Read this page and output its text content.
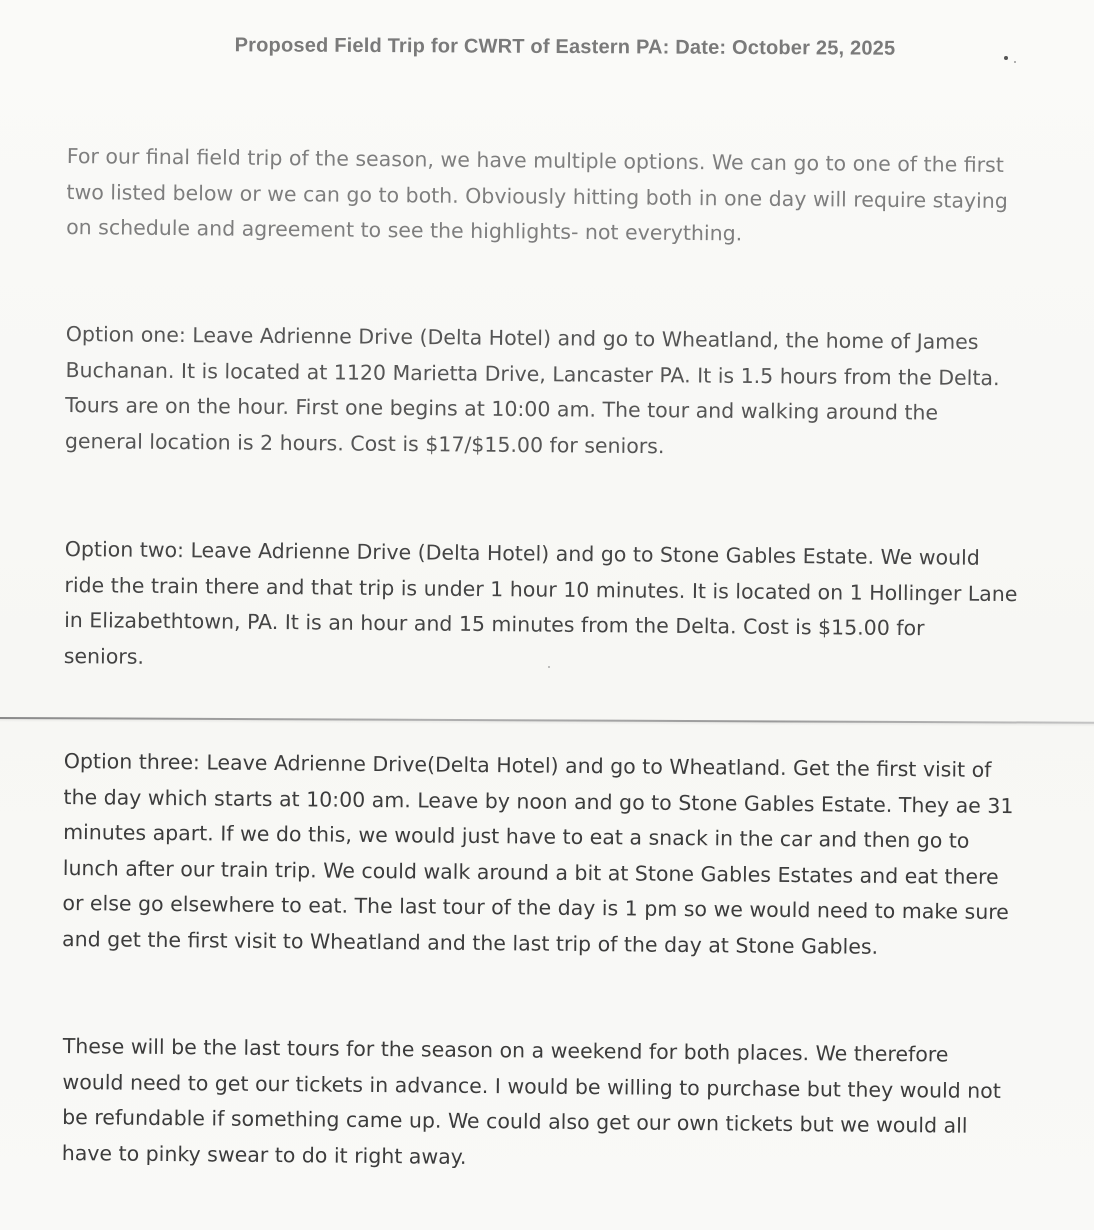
Proposed Field Trip for CWRT of Eastern PA: Date: October 25, 2025
For our final field trip of the season, we have multiple options. We can go to one of the first
two listed below or we can go to both. Obviously hitting both in one day will require staying
on schedule and agreement to see the highlights- not everything.
Option one: Leave Adrienne Drive (Delta Hotel) and go to Wheatland, the home of James
Buchanan. It is located at 1120 Marietta Drive, Lancaster PA. It is 1.5 hours from the Delta.
Tours are on the hour. First one begins at 10:00 am. The tour and walking around the
general location is 2 hours. Cost is $17/$15.00 for seniors.
Option two: Leave Adrienne Drive (Delta Hotel) and go to Stone Gables Estate. We would
ride the train there and that trip is under 1 hour 10 minutes. It is located on 1 Hollinger Lane
in Elizabethtown, PA. It is an hour and 15 minutes from the Delta. Cost is $15.00 for
seniors.
Option three: Leave Adrienne Drive(Delta Hotel) and go to Wheatland. Get the first visit of
the day which starts at 10:00 am. Leave by noon and go to Stone Gables Estate. They ae 31
minutes apart. If we do this, we would just have to eat a snack in the car and then go to
lunch after our train trip. We could walk around a bit at Stone Gables Estates and eat there
or else go elsewhere to eat. The last tour of the day is 1 pm so we would need to make sure
and get the first visit to Wheatland and the last trip of the day at Stone Gables.
These will be the last tours for the season on a weekend for both places. We therefore
would need to get our tickets in advance. I would be willing to purchase but they would not
be refundable if something came up. We could also get our own tickets but we would all
have to pinky swear to do it right away.
